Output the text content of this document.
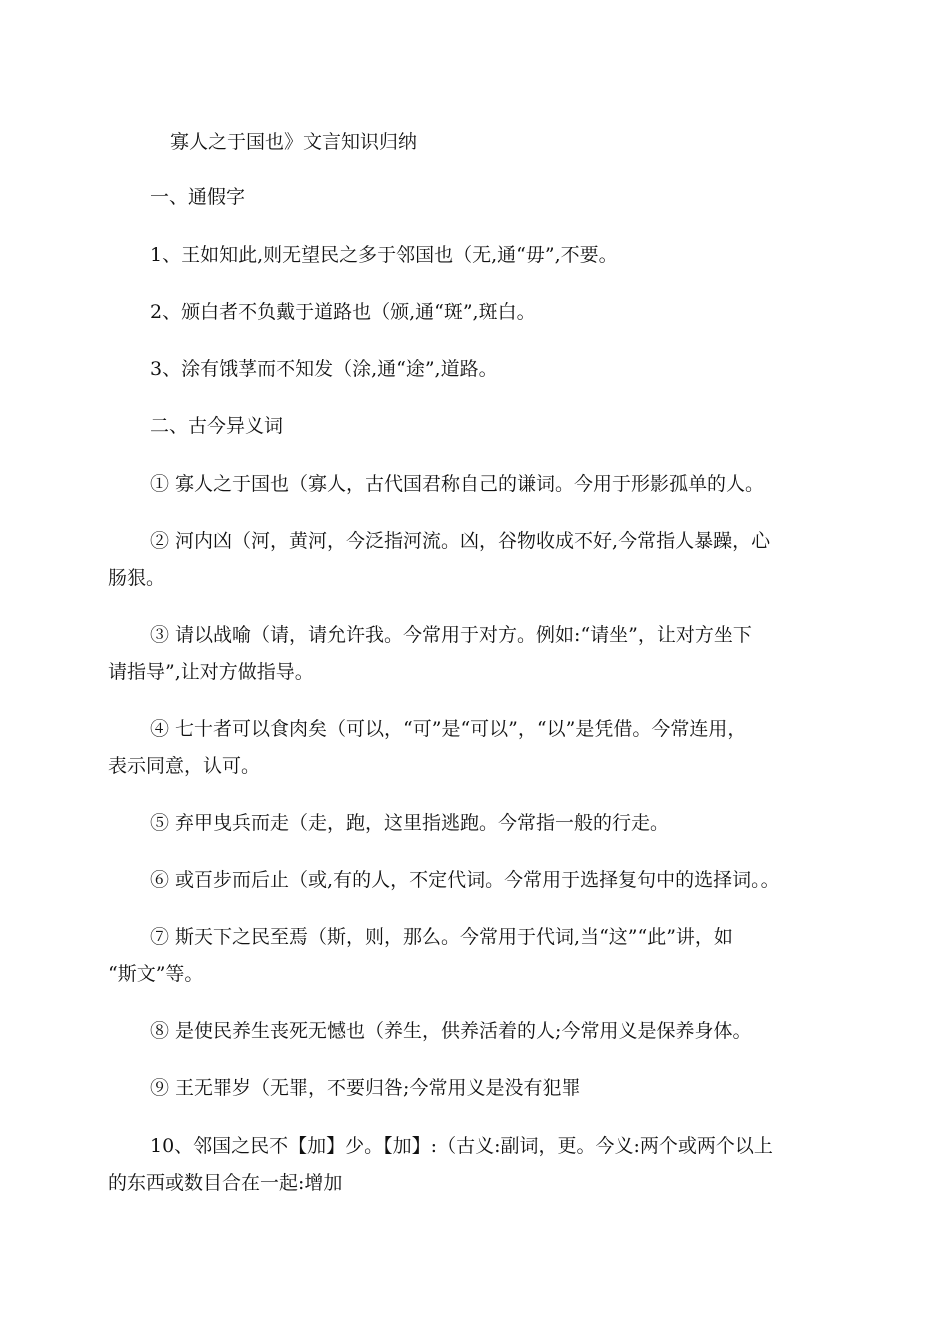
寡人之于国也》文言知识归纳
一、通假字
1、王如知此,则无望民之多于邻国也（无,通“毋”,不要。
2、颁白者不负戴于道路也（颁,通“斑”,斑白。
3、涂有饿莩而不知发（涂,通“途”,道路。
二、古今异义词
① 寡人之于国也（寡人，古代国君称自己的谦词。今用于形影孤单的人。
② 河内凶（河，黄河，今泛指河流。凶，谷物收成不好,今常指人暴躁，心
肠狠。
③ 请以战喻（请，请允许我。今常用于对方。例如:“请坐”，让对方坐下
请指导”,让对方做指导。
④ 七十者可以食肉矣（可以，“可”是“可以”，“以”是凭借。今常连用，
表示同意，认可。
⑤ 弃甲曳兵而走（走，跑，这里指逃跑。今常指一般的行走。
⑥ 或百步而后止（或,有的人，不定代词。今常用于选择复句中的选择词。。
⑦ 斯天下之民至焉（斯，则，那么。今常用于代词,当“这”“此”讲，如
“斯文”等。
⑧ 是使民养生丧死无憾也（养生，供养活着的人;今常用义是保养身体。
⑨ 王无罪岁（无罪，不要归咎;今常用义是没有犯罪
10、邻国之民不【加】少。【加】:（古义:副词，更。今义:两个或两个以上
的东西或数目合在一起:增加
